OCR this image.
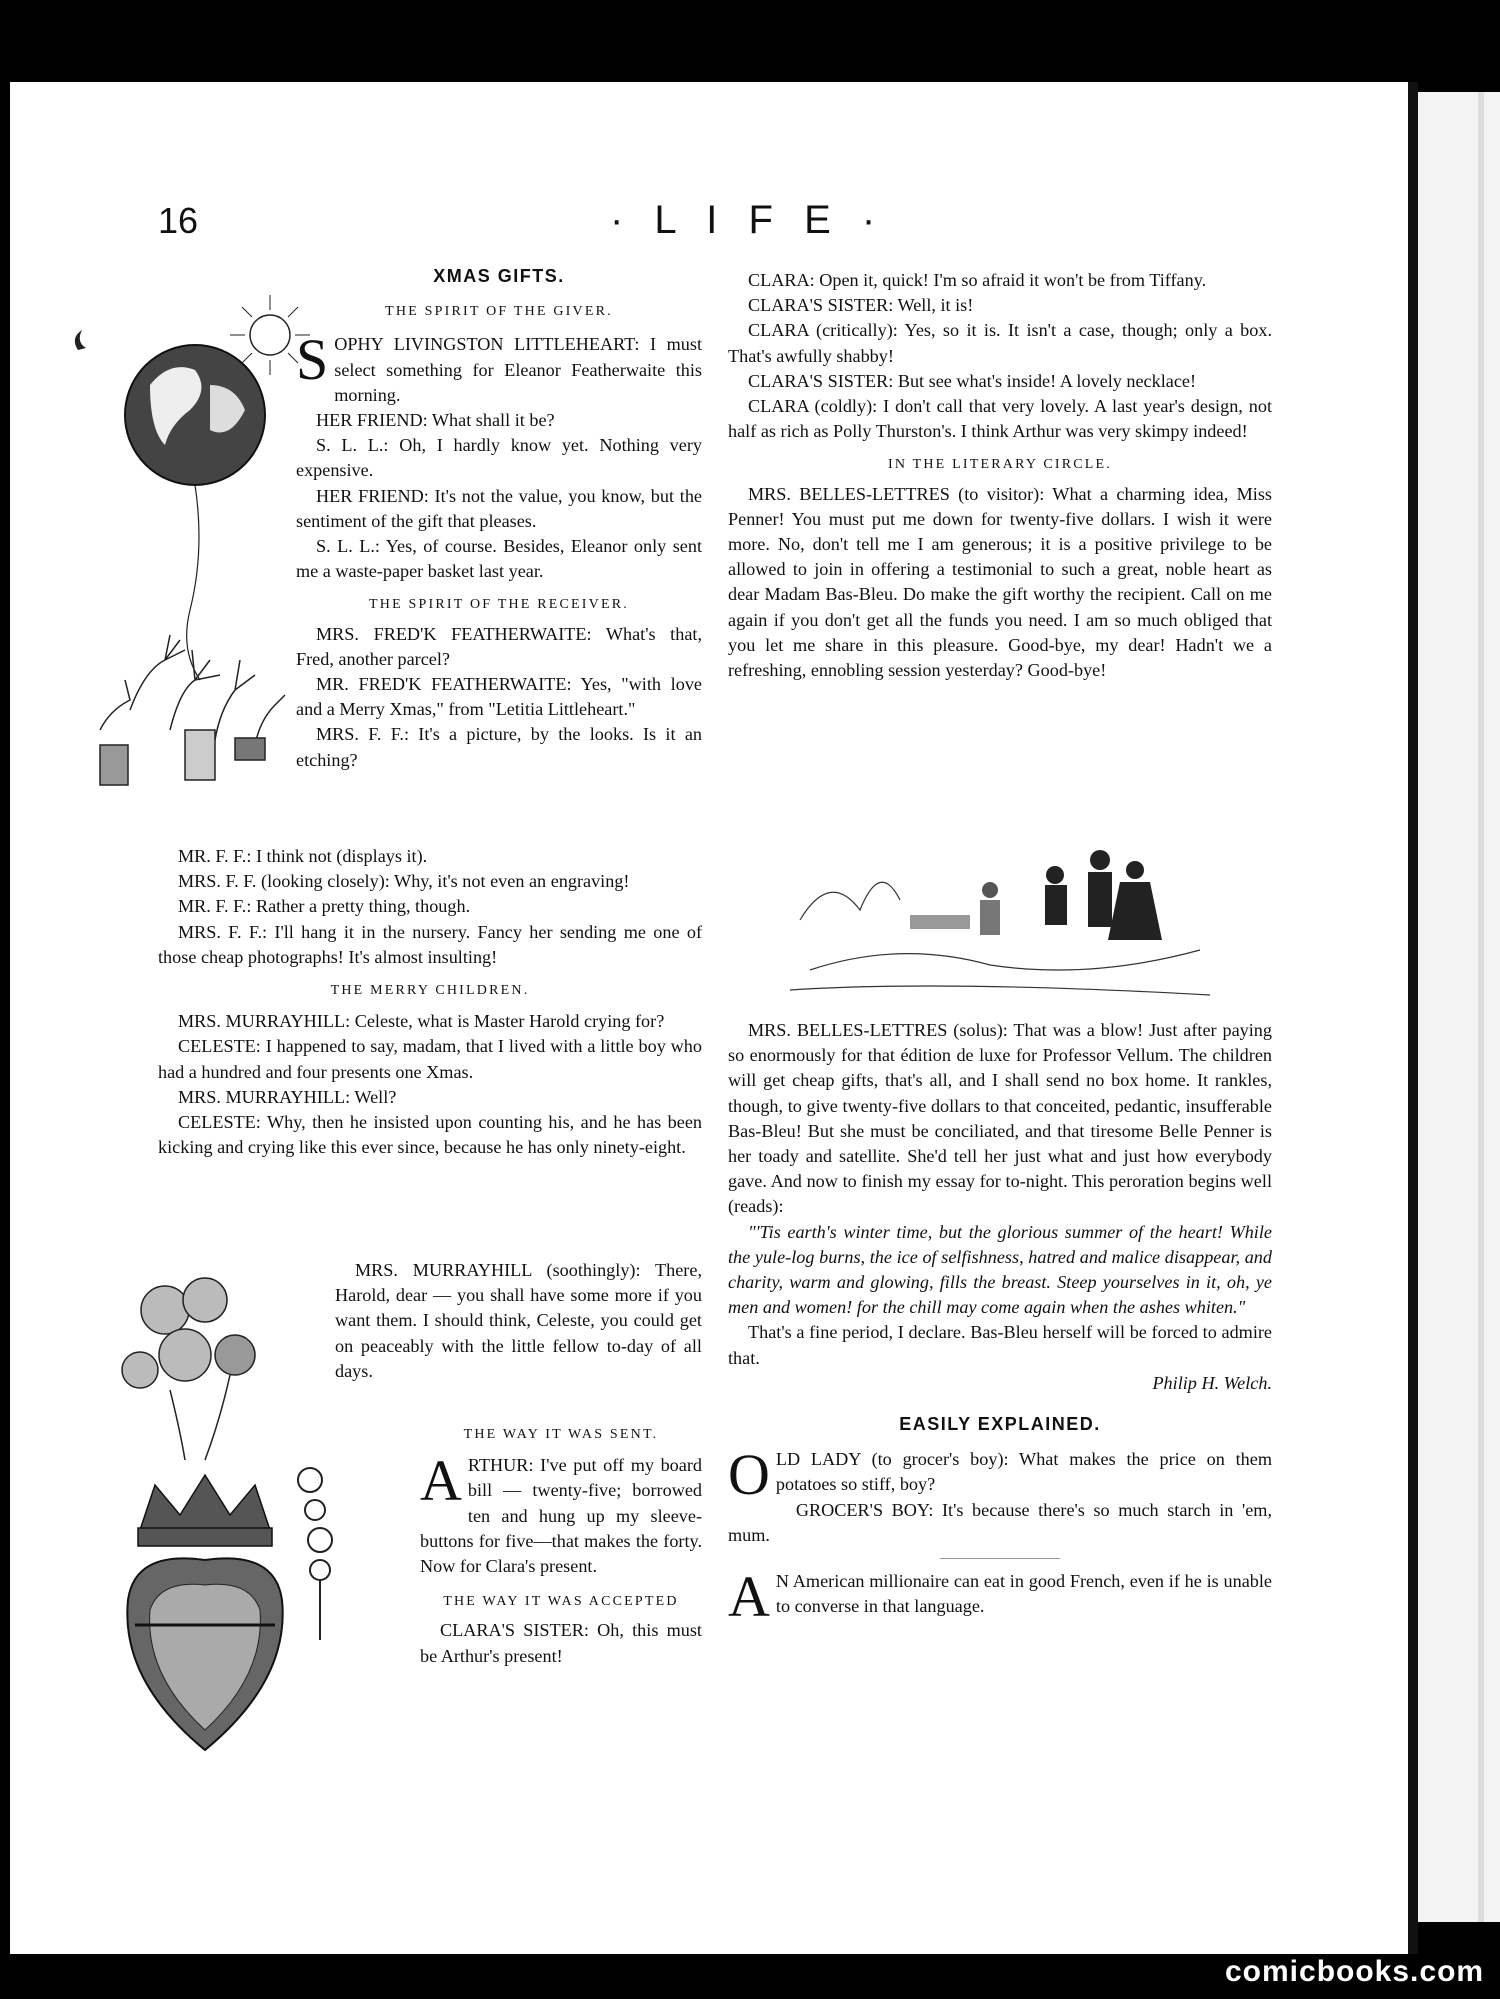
16	· L I F E ·
XMAS GIFTS.
THE SPIRIT OF THE GIVER.

SOPHY LIVINGSTON LITTLEHEART: I must select something for Eleanor Featherwaite this morning.

HER FRIEND: What shall it be?

S. L. L.: Oh, I hardly know yet. Nothing very expensive.

HER FRIEND: It's not the value, you know, but the sentiment of the gift that pleases.

S. L. L.: Yes, of course. Besides, Eleanor only sent me a waste-paper basket last year.

THE SPIRIT OF THE RECEIVER.

MRS. FRED'K FEATHERWAITE: What's that, Fred, another parcel?

MR. FRED'K FEATHERWAITE: Yes, "with love and a Merry Xmas," from "Letitia Littleheart."

MRS. F. F.: It's a picture, by the looks. Is it an etching?

MR. F. F.: I think not (displays it).

MRS. F. F. (looking closely): Why, it's not even an engraving!

MR. F. F.: Rather a pretty thing, though.

MRS. F. F.: I'll hang it in the nursery. Fancy her sending me one of those cheap photographs! It's almost insulting!

THE MERRY CHILDREN.

MRS. MURRAYHILL: Celeste, what is Master Harold crying for?

CELESTE: I happened to say, madam, that I lived with a little boy who had a hundred and four presents one Xmas.

MRS. MURRAYHILL: Well?

CELESTE: Why, then he insisted upon counting his, and he has been kicking and crying like this ever since, because he has only ninety-eight.

MRS. MURRAYHILL (soothingly): There, Harold, dear — you shall have some more if you want them. I should think, Celeste, you could get on peaceably with the little fellow to-day of all days.

THE WAY IT WAS SENT.

ARTHUR: I've put off my board bill — twenty-five; borrowed ten and hung up my sleeve-buttons for five—that makes the forty. Now for Clara's present.

THE WAY IT WAS ACCEPTED

CLARA'S SISTER: Oh, this must be Arthur's present!

CLARA: Open it, quick! I'm so afraid it won't be from Tiffany.

CLARA'S SISTER: Well, it is!

CLARA (critically): Yes, so it is. It isn't a case, though; only a box. That's awfully shabby!

CLARA'S SISTER: But see what's inside! A lovely necklace!

CLARA (coldly): I don't call that very lovely. A last year's design, not half as rich as Polly Thurston's. I think Arthur was very skimpy indeed!

IN THE LITERARY CIRCLE.

MRS. BELLES-LETTRES (to visitor): What a charming idea, Miss Penner! You must put me down for twenty-five dollars. I wish it were more. No, don't tell me I am generous; it is a positive privilege to be allowed to join in offering a testimonial to such a great, noble heart as dear Madam Bas-Bleu. Do make the gift worthy the recipient. Call on me again if you don't get all the funds you need. I am so much obliged that you let me share in this pleasure. Good-bye, my dear! Hadn't we a refreshing, ennobling session yesterday? Good-bye!

MRS. BELLES-LETTRES (solus): That was a blow! Just after paying so enormously for that édition de luxe for Professor Vellum. The children will get cheap gifts, that's all, and I shall send no box home. It rankles, though, to give twenty-five dollars to that conceited, pedantic, insufferable Bas-Bleu! But she must be conciliated, and that tiresome Belle Penner is her toady and satellite. She'd tell her just what and just how everybody gave. And now to finish my essay for to-night. This peroration begins well (reads):

"'Tis earth's winter time, but the glorious summer of the heart! While the yule-log burns, the ice of selfishness, hatred and malice disappear, and charity, warm and glowing, fills the breast. Steep yourselves in it, oh, ye men and women! for the chill may come again when the ashes whiten."

That's a fine period, I declare. Bas-Bleu herself will be forced to admire that.

Philip H. Welch.

EASILY EXPLAINED.

OLD LADY (to grocer's boy): What makes the price on them potatoes so stiff, boy?

GROCER'S BOY: It's because there's so much starch in 'em, mum.

A N American millionaire can eat in good French, even if he is unable to converse in that language.

comicbooks.com
